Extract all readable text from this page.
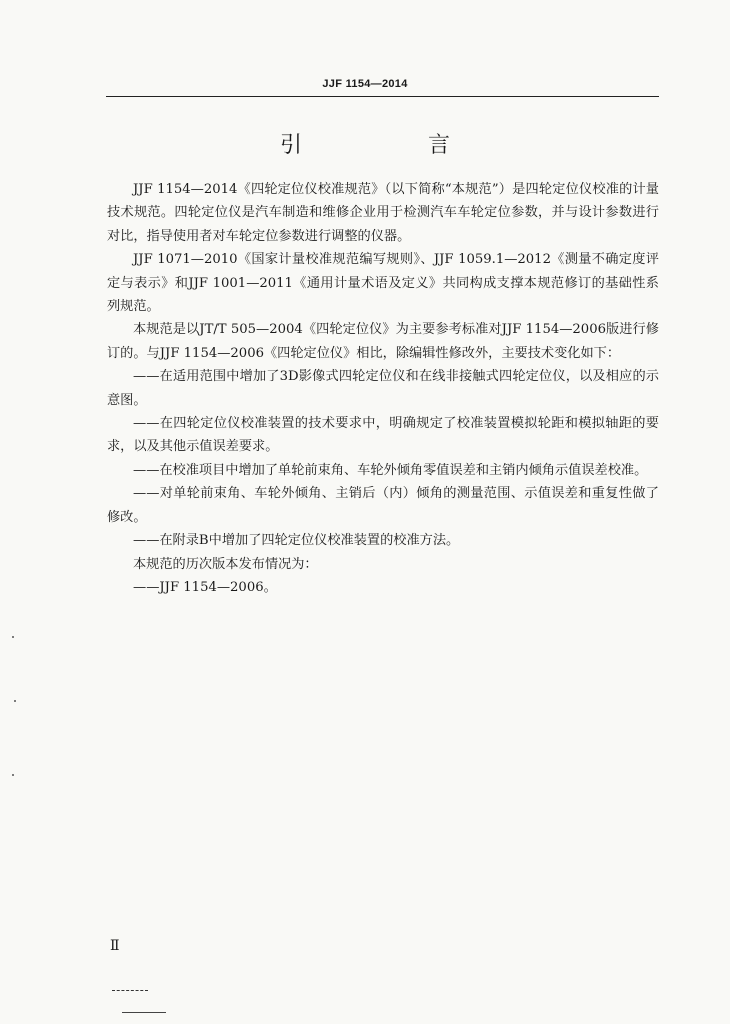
JJF 1154—2014
引　言

JJF 1154—2014《四轮定位仪校准规范》（以下简称“本规范”）是四轮定位仪校准的计量技术规范。四轮定位仪是汽车制造和维修企业用于检测汽车车轮定位参数，并与设计参数进行对比，指导使用者对车轮定位参数进行调整的仪器。

JJF 1071—2010《国家计量校准规范编写规则》、JJF 1059.1—2012《测量不确定度评定与表示》和JJF 1001—2011《通用计量术语及定义》共同构成支撑本规范修订的基础性系列规范。

本规范是以JT/T 505—2004《四轮定位仪》为主要参考标准对JJF 1154—2006版进行修订的。与JJF 1154—2006《四轮定位仪》相比，除编辑性修改外，主要技术变化如下：

——在适用范围中增加了3D影像式四轮定位仪和在线非接触式四轮定位仪，以及相应的示意图。

——在四轮定位仪校准装置的技术要求中，明确规定了校准装置模拟轮距和模拟轴距的要求，以及其他示值误差要求。

——在校准项目中增加了单轮前束角、车轮外倾角零值误差和主销内倾角示值误差校准。

——对单轮前束角、车轮外倾角、主销后（内）倾角的测量范围、示值误差和重复性做了修改。

——在附录B中增加了四轮定位仪校准装置的校准方法。

本规范的历次版本发布情况为：

——JJF 1154—2006。

Ⅱ
